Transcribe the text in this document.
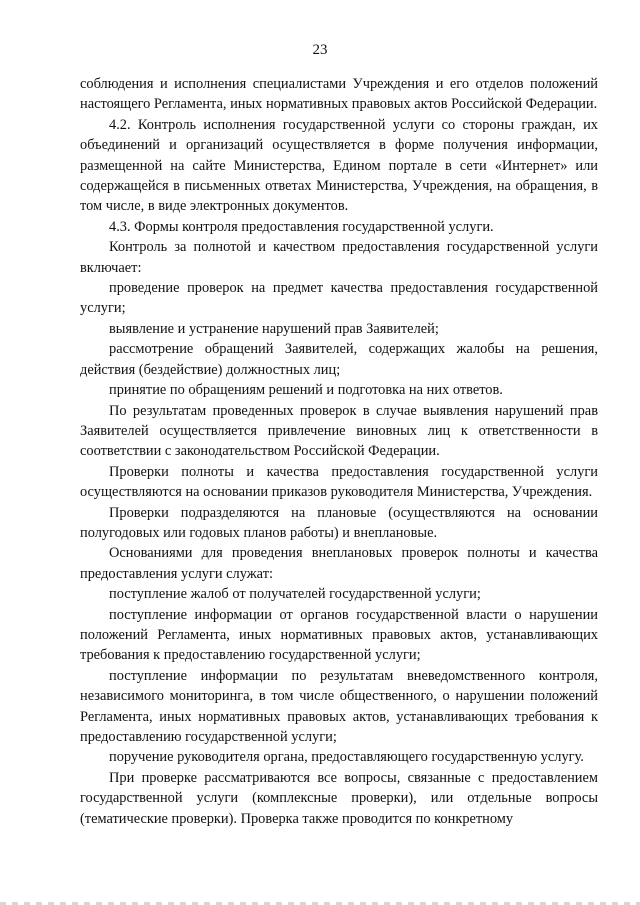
23

соблюдения и исполнения специалистами Учреждения и его отделов положений настоящего Регламента, иных нормативных правовых актов Российской Федерации.

4.2. Контроль исполнения государственной услуги со стороны граждан, их объединений и организаций осуществляется в форме получения информации, размещенной на сайте Министерства, Едином портале в сети «Интернет» или содержащейся в письменных ответах Министерства, Учреждения, на обращения, в том числе, в виде электронных документов.

4.3. Формы контроля предоставления государственной услуги.

Контроль за полнотой и качеством предоставления государственной услуги включает:

проведение проверок на предмет качества предоставления государственной услуги;

выявление и устранение нарушений прав Заявителей;

рассмотрение обращений Заявителей, содержащих жалобы на решения, действия (бездействие) должностных лиц;

принятие по обращениям решений и подготовка на них ответов.

По результатам проведенных проверок в случае выявления нарушений прав Заявителей осуществляется привлечение виновных лиц к ответственности в соответствии с законодательством Российской Федерации.

Проверки полноты и качества предоставления государственной услуги осуществляются на основании приказов руководителя Министерства, Учреждения.

Проверки подразделяются на плановые (осуществляются на основании полугодовых или годовых планов работы) и внеплановые.

Основаниями для проведения внеплановых проверок полноты и качества предоставления услуги служат:

поступление жалоб от получателей государственной услуги;

поступление информации от органов государственной власти о нарушении положений Регламента, иных нормативных правовых актов, устанавливающих требования к предоставлению государственной услуги;

поступление информации по результатам вневедомственного контроля, независимого мониторинга, в том числе общественного, о нарушении положений Регламента, иных нормативных правовых актов, устанавливающих требования к предоставлению государственной услуги;

поручение руководителя органа, предоставляющего государственную услугу.

При проверке рассматриваются все вопросы, связанные с предоставлением государственной услуги (комплексные проверки), или отдельные вопросы (тематические проверки). Проверка также проводится по конкретному
